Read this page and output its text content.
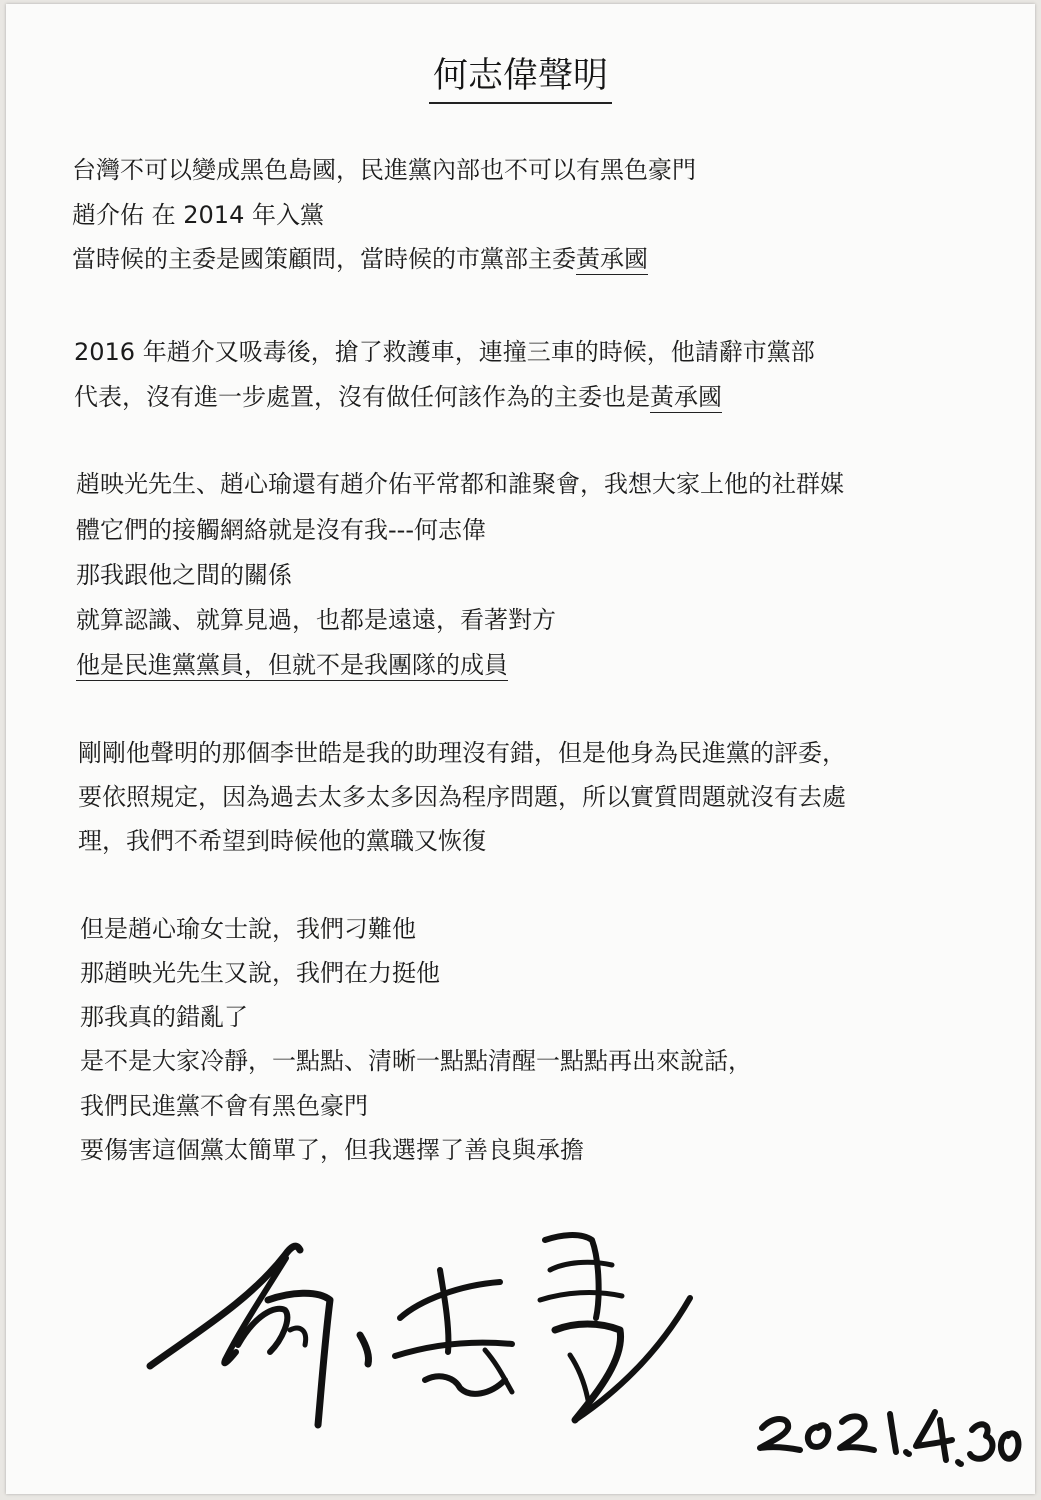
何志偉聲明
台灣不可以變成黑色島國，民進黨內部也不可以有黑色豪門
趙介佑 在 2014 年入黨
當時候的主委是國策顧問，當時候的市黨部主委黃承國
2016 年趙介又吸毒後，搶了救護車，連撞三車的時候，他請辭市黨部
代表，沒有進一步處置，沒有做任何該作為的主委也是黃承國
趙映光先生、趙心瑜還有趙介佑平常都和誰聚會，我想大家上他的社群媒
體它們的接觸網絡就是沒有我---何志偉
那我跟他之間的關係
就算認識、就算見過，也都是遠遠，看著對方
他是民進黨黨員，但就不是我團隊的成員
剛剛他聲明的那個李世皓是我的助理沒有錯，但是他身為民進黨的評委，
要依照規定，因為過去太多太多因為程序問題，所以實質問題就沒有去處
理，我們不希望到時候他的黨職又恢復
但是趙心瑜女士說，我們刁難他
那趙映光先生又說，我們在力挺他
那我真的錯亂了
是不是大家冷靜，一點點、清晰一點點清醒一點點再出來說話，
我們民進黨不會有黑色豪門
要傷害這個黨太簡單了，但我選擇了善良與承擔
